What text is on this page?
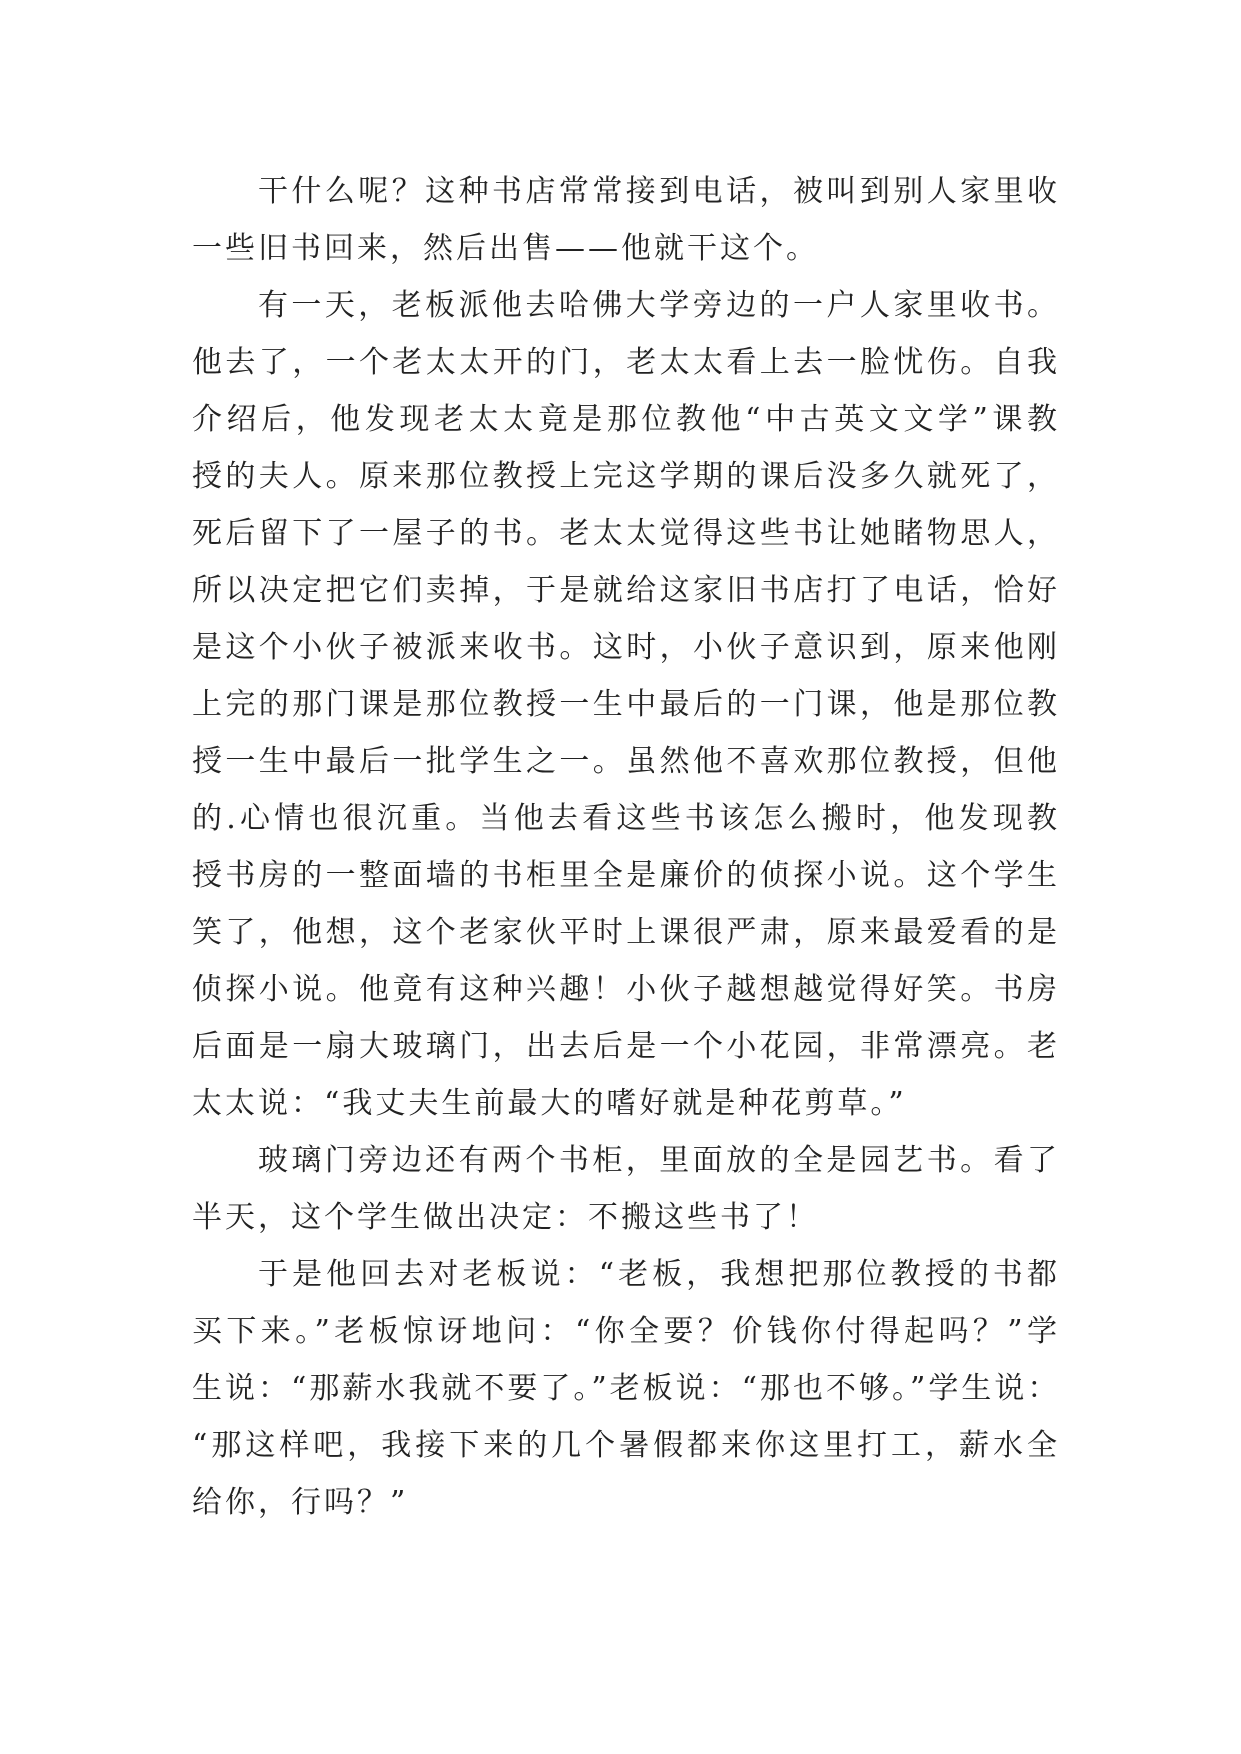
干什么呢？这种书店常常接到电话，被叫到别人家里收
一些旧书回来，然后出售——他就干这个。
有一天，老板派他去哈佛大学旁边的一户人家里收书。
他去了，一个老太太开的门，老太太看上去一脸忧伤。自我
介绍后，他发现老太太竟是那位教他“中古英文文学”课教
授的夫人。原来那位教授上完这学期的课后没多久就死了，
死后留下了一屋子的书。老太太觉得这些书让她睹物思人，
所以决定把它们卖掉，于是就给这家旧书店打了电话，恰好
是这个小伙子被派来收书。这时，小伙子意识到，原来他刚
上完的那门课是那位教授一生中最后的一门课，他是那位教
授一生中最后一批学生之一。虽然他不喜欢那位教授，但他
的.心情也很沉重。当他去看这些书该怎么搬时，他发现教
授书房的一整面墙的书柜里全是廉价的侦探小说。这个学生
笑了，他想，这个老家伙平时上课很严肃，原来最爱看的是
侦探小说。他竟有这种兴趣！小伙子越想越觉得好笑。书房
后面是一扇大玻璃门，出去后是一个小花园，非常漂亮。老
太太说：“我丈夫生前最大的嗜好就是种花剪草。”
玻璃门旁边还有两个书柜，里面放的全是园艺书。看了
半天，这个学生做出决定：不搬这些书了！
于是他回去对老板说：“老板，我想把那位教授的书都
买下来。”老板惊讶地问：“你全要？价钱你付得起吗？”学
生说：“那薪水我就不要了。”老板说：“那也不够。”学生说：
“那这样吧，我接下来的几个暑假都来你这里打工，薪水全
给你，行吗？”
